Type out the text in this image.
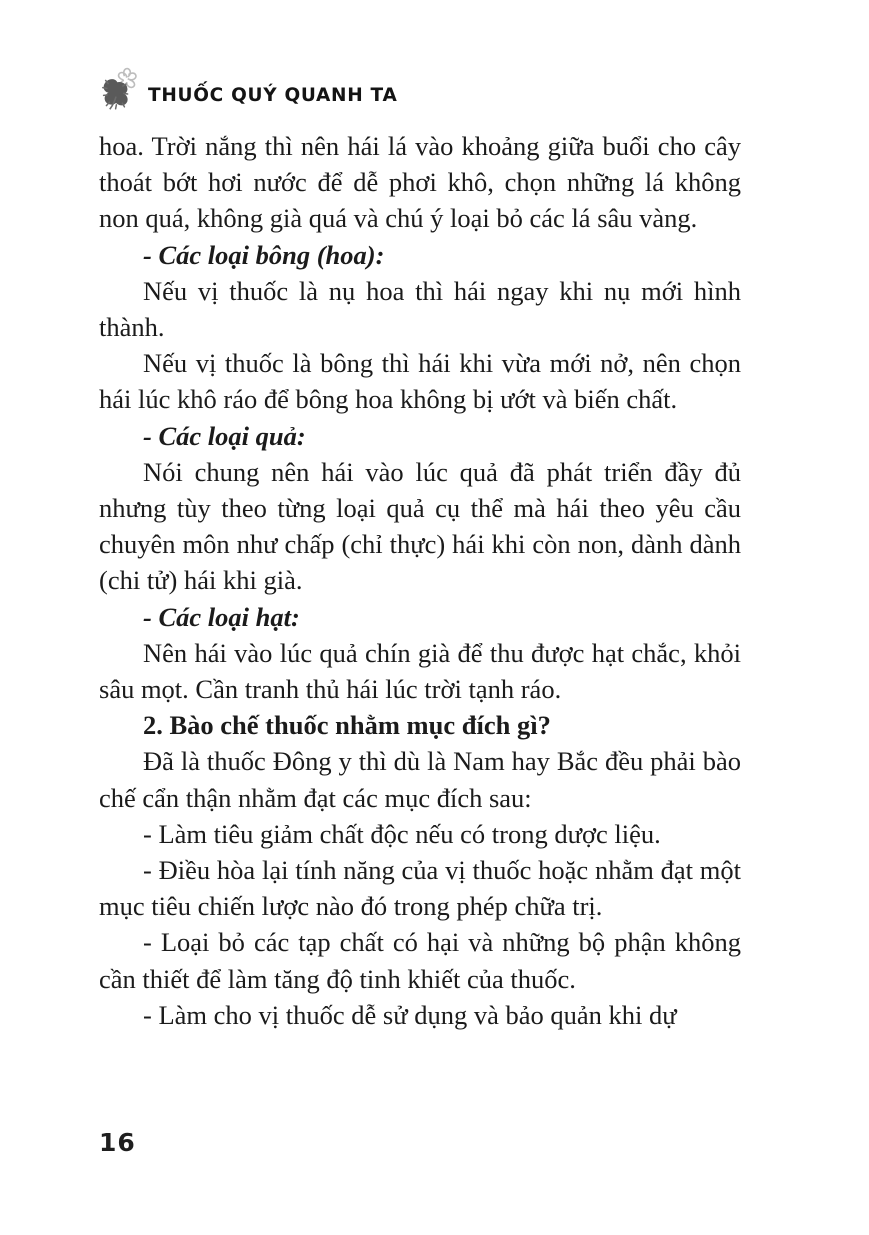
THUỐC QUÝ QUANH TA

hoa. Trời nắng thì nên hái lá vào khoảng giữa buổi cho cây thoát bớt hơi nước để dễ phơi khô, chọn những lá không non quá, không già quá và chú ý loại bỏ các lá sâu vàng.

- Các loại bông (hoa):

Nếu vị thuốc là nụ hoa thì hái ngay khi nụ mới hình thành.

Nếu vị thuốc là bông thì hái khi vừa mới nở, nên chọn hái lúc khô ráo để bông hoa không bị ướt và biến chất.

- Các loại quả:

Nói chung nên hái vào lúc quả đã phát triển đầy đủ nhưng tùy theo từng loại quả cụ thể mà hái theo yêu cầu chuyên môn như chấp (chỉ thực) hái khi còn non, dành dành (chi tử) hái khi già.

- Các loại hạt:

Nên hái vào lúc quả chín già để thu được hạt chắc, khỏi sâu mọt. Cần tranh thủ hái lúc trời tạnh ráo.

2. Bào chế thuốc nhằm mục đích gì?

Đã là thuốc Đông y thì dù là Nam hay Bắc đều phải bào chế cẩn thận nhằm đạt các mục đích sau:

- Làm tiêu giảm chất độc nếu có trong dược liệu.

- Điều hòa lại tính năng của vị thuốc hoặc nhằm đạt một mục tiêu chiến lược nào đó trong phép chữa trị.

- Loại bỏ các tạp chất có hại và những bộ phận không cần thiết để làm tăng độ tinh khiết của thuốc.

- Làm cho vị thuốc dễ sử dụng và bảo quản khi dự

16
